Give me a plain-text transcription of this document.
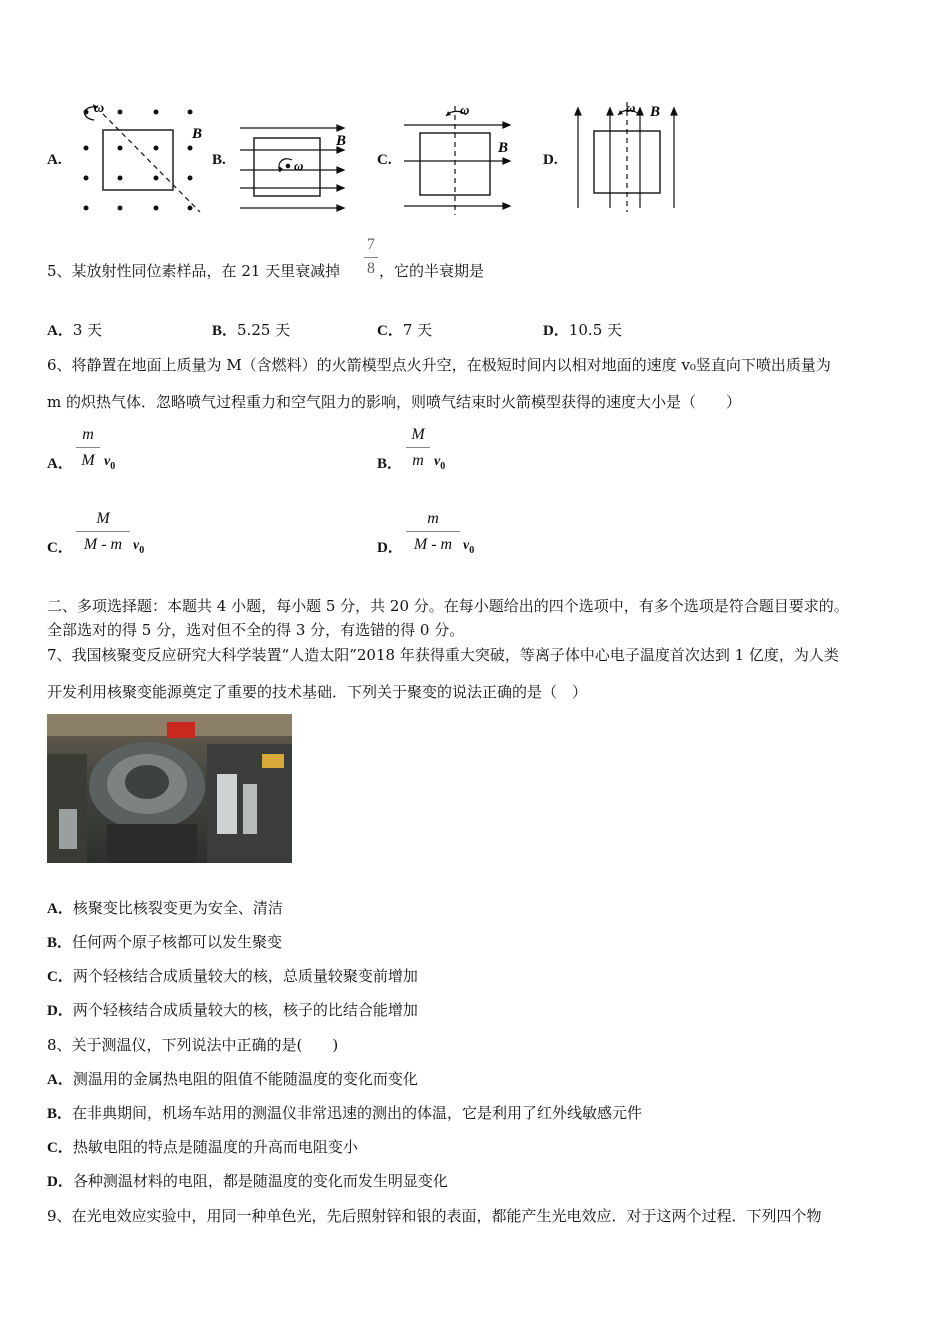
A.
ω
B
B.	ω
B
C.
ω
B
D.
ω B
5、某放射性同位素样品，在 21 天里衰减掉
7
8 ，它的半衰期是
A．3 天	B．5.25 天	C．7 天	D．10.5 天
6、将静置在地面上质量为 M（含燃料）的火箭模型点火升空，在极短时间内以相对地面的速度 v₀竖直向下喷出质量为
m 的炽热气体．忽略喷气过程重力和空气阻力的影响，则喷气结束时火箭模型获得的速度大小是（　　）
A．
m
M $v_0$	B．
M
m $v_0$
C．
M
M - m $v_0$	D．
m
M - m $v_0$
二、多项选择题：本题共 4 小题，每小题 5 分，共 20 分。在每小题给出的四个选项中，有多个选项是符合题目要求的。
全部选对的得 5 分，选对但不全的得 3 分，有选错的得 0 分。
7、我国核聚变反应研究大科学装置“人造太阳”2018 年获得重大突破，等离子体中心电子温度首次达到 1 亿度，为人类
开发利用核聚变能源奠定了重要的技术基础．下列关于聚变的说法正确的是（　）
A．核聚变比核裂变更为安全、清洁
B．任何两个原子核都可以发生聚变
C．两个轻核结合成质量较大的核，总质量较聚变前增加
D．两个轻核结合成质量较大的核，核子的比结合能增加
8、关于测温仪，下列说法中正确的是(　　)
A．测温用的金属热电阻的阻值不能随温度的变化而变化
B．在非典期间，机场车站用的测温仪非常迅速的测出的体温，它是利用了红外线敏感元件
C．热敏电阻的特点是随温度的升高而电阻变小
D．各种测温材料的电阻，都是随温度的变化而发生明显变化
9、在光电效应实验中，用同一种单色光，先后照射锌和银的表面，都能产生光电效应．对于这两个过程．下列四个物
